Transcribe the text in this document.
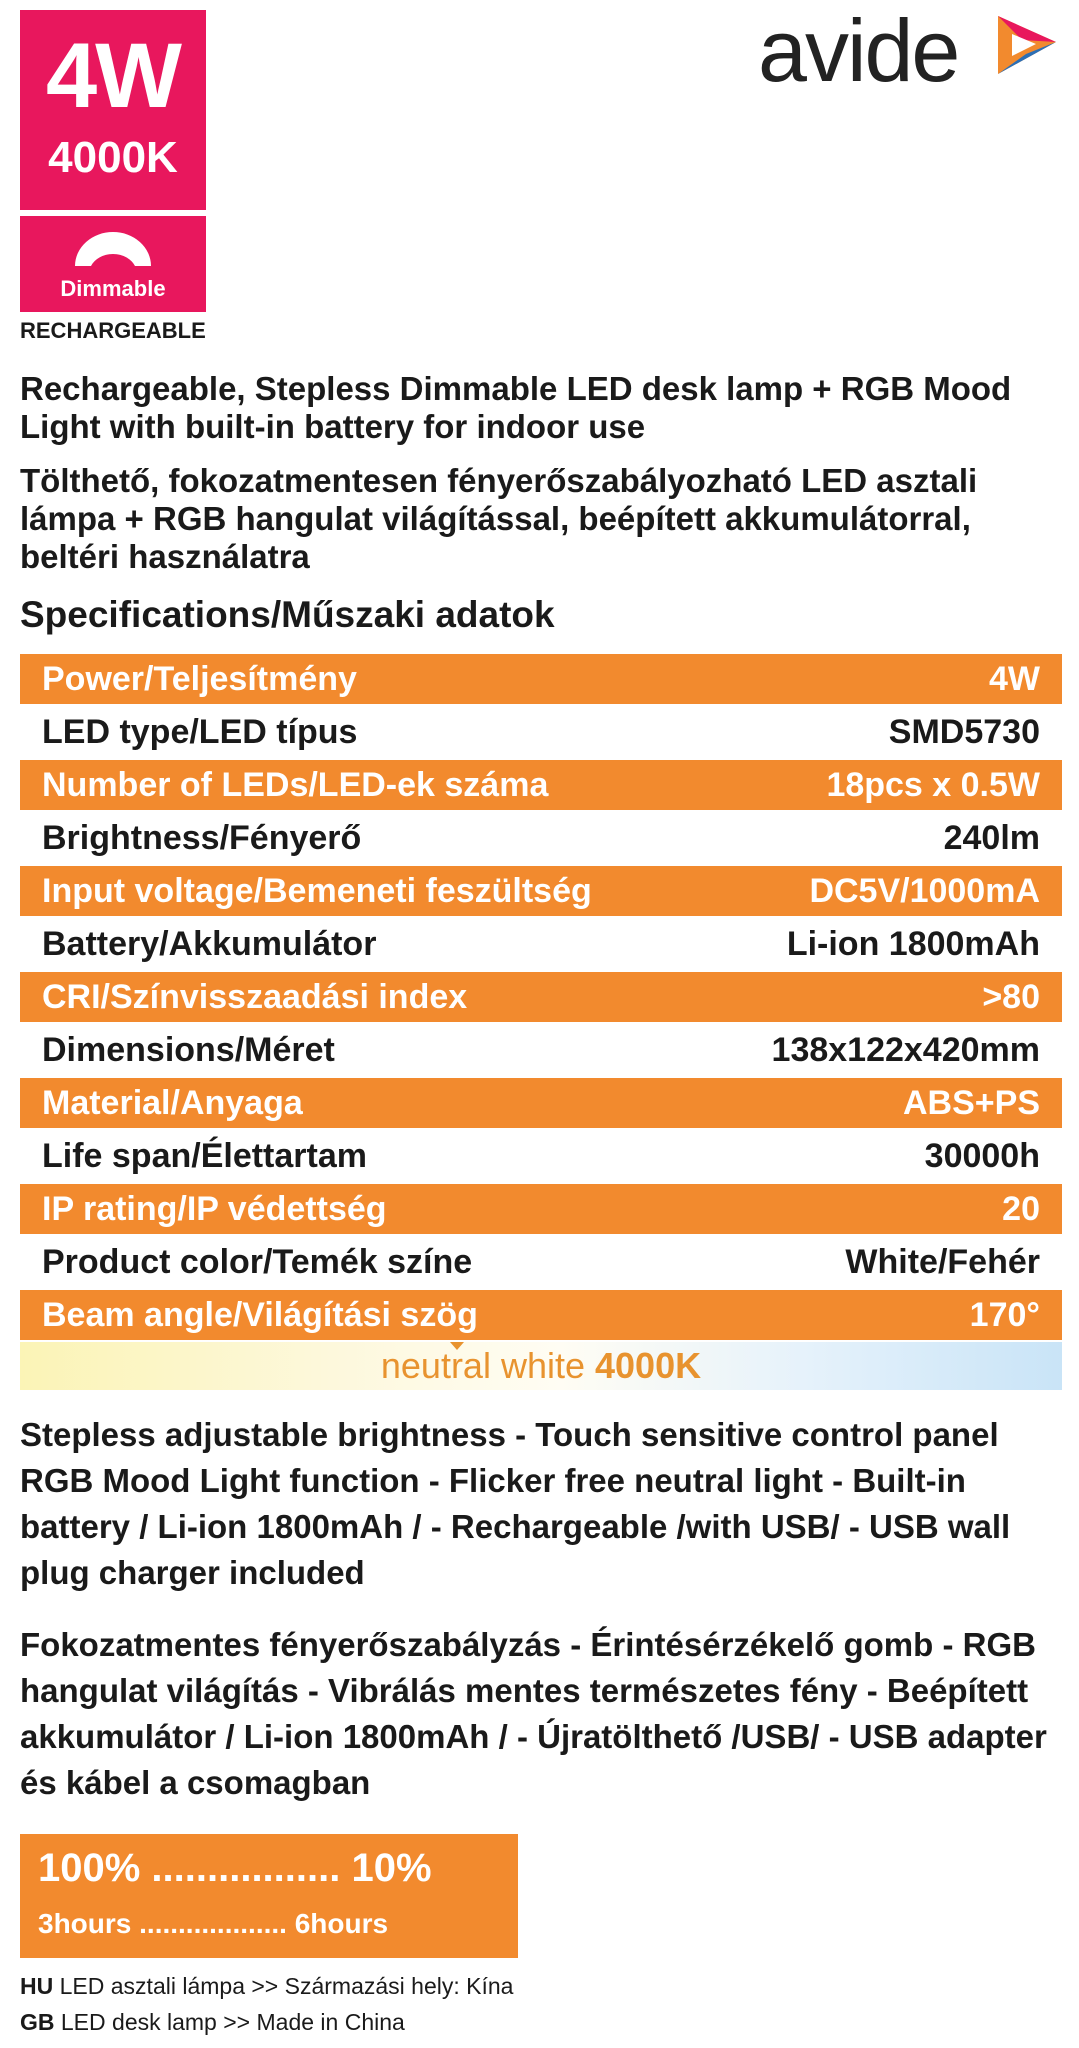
4W
4000K
Dimmable
RECHARGEABLE
avide
Rechargeable, Stepless Dimmable LED desk lamp + RGB Mood Light with built-in battery for indoor use
Tölthető, fokozatmentesen fényerőszabályozható LED asztali lámpa + RGB hangulat világítással, beépített akkumulátorral, beltéri használatra
Specifications/Műszaki adatok
Power/Teljesítmény	4W
LED type/LED típus	SMD5730
Number of LEDs/LED-ek száma	18pcs x 0.5W
Brightness/Fényerő	240lm
Input voltage/Bemeneti feszültség	DC5V/1000mA
Battery/Akkumulátor	Li-ion 1800mAh
CRI/Színvisszaadási index	>80
Dimensions/Méret	138x122x420mm
Material/Anyaga	ABS+PS
Life span/Élettartam	30000h
IP rating/IP védettség	20
Product color/Temék színe	White/Fehér
Beam angle/Világítási szög	170°
neutral white 4000K
Stepless adjustable brightness - Touch sensitive control panel RGB Mood Light function - Flicker free neutral light - Built-in battery / Li-ion 1800mAh / - Rechargeable /with USB/ - USB wall plug charger included
Fokozatmentes fényerőszabályzás - Érintésérzékelő gomb - RGB hangulat világítás - Vibrálás mentes természetes fény - Beépített akkumulátor / Li-ion 1800mAh / - Újratölthető /USB/ - USB adapter és kábel a csomagban
100% ................. 10%
3hours ................... 6hours
HU LED asztali lámpa >> Származási hely: Kína
GB LED desk lamp >> Made in China
